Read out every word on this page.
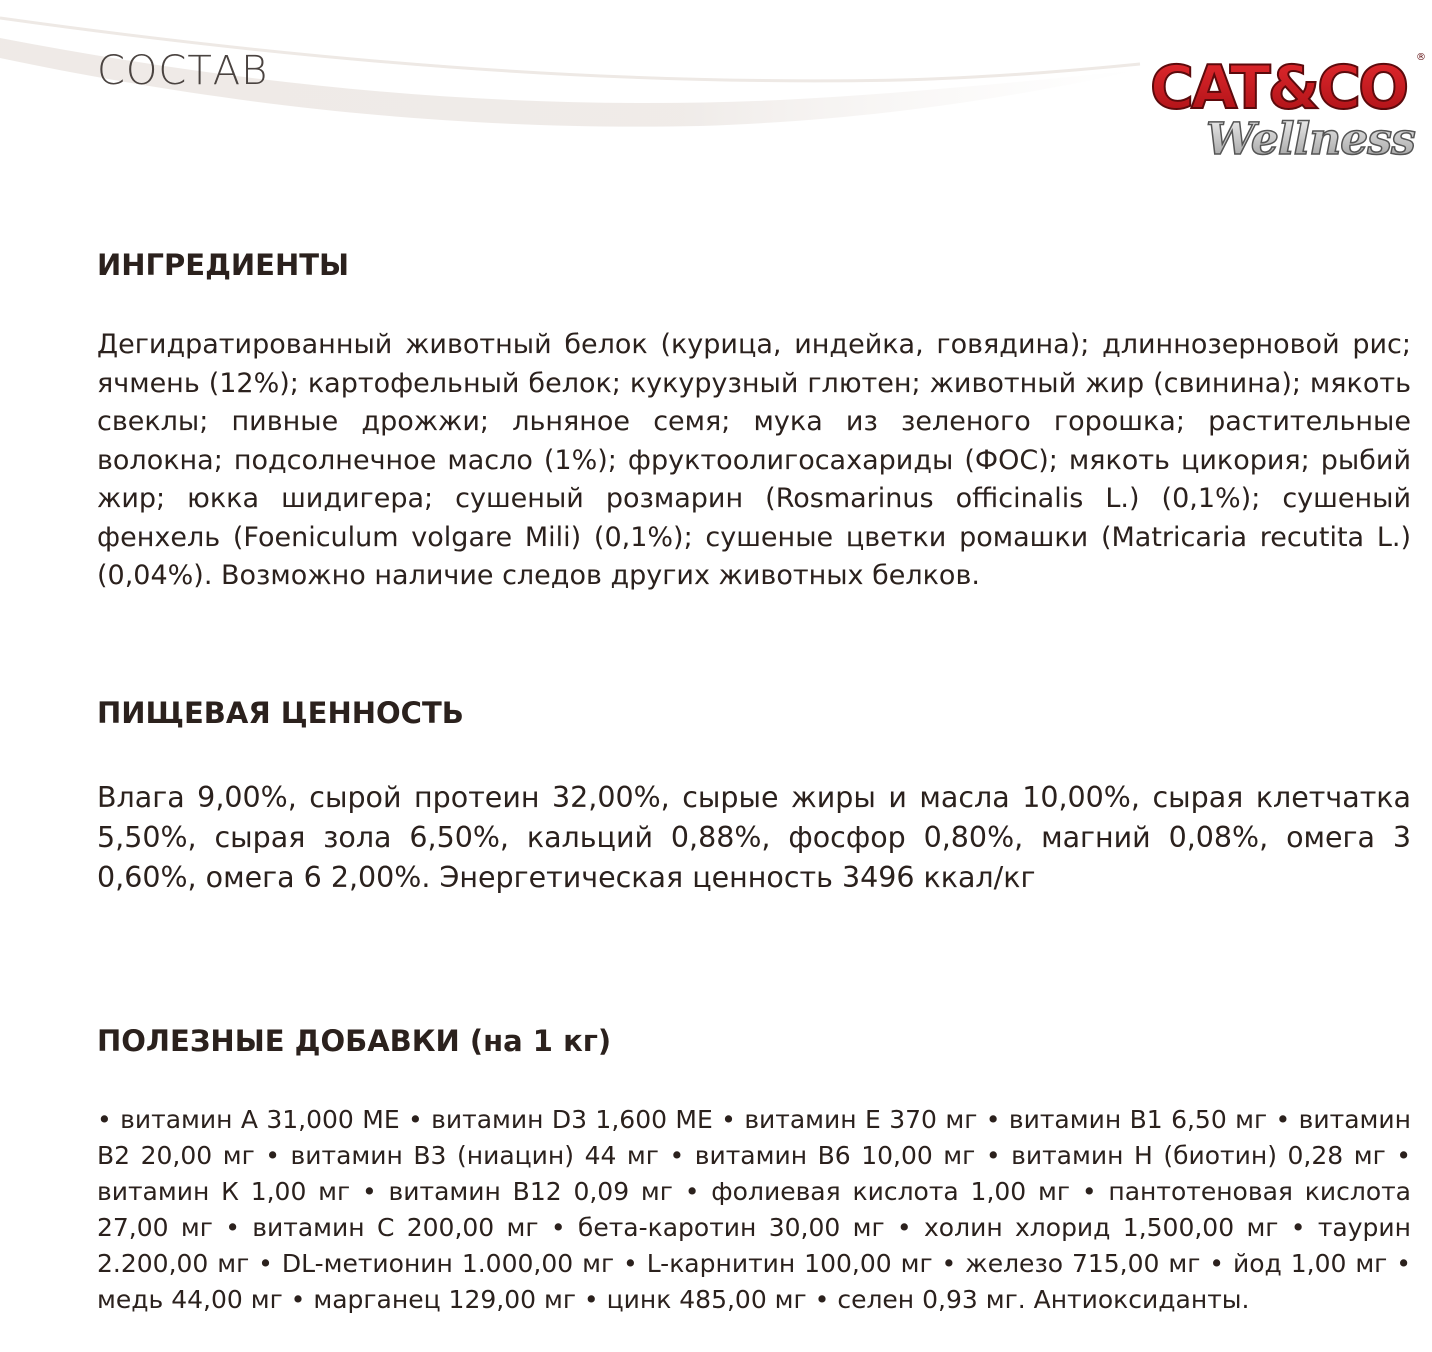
СОСТАВ	CAT&CO ®
Wellness
ИНГРЕДИЕНТЫ

Дегидратированный животный белок (курица, индейка, говядина); длиннозерновой рис; ячмень (12%); картофельный белок; кукурузный глютен; животный жир (свинина); мякоть свеклы; пивные дрожжи; льняное семя; мука из зеленого горошка; растительные волокна; подсолнечное масло (1%); фруктоолигосахариды (ФОС); мякоть цикория; рыбий жир; юкка шидигера; сушеный розмарин (Rosmarinus officinalis L.) (0,1%); сушеный фенхель (Foeniculum volgare Mili) (0,1%); сушеные цветки ромашки (Matricaria recutita L.) (0,04%). Возможно наличие следов других животных белков.

ПИЩЕВАЯ ЦЕННОСТЬ

Влага 9,00%, сырой протеин 32,00%, сырые жиры и масла 10,00%, сырая клетчатка 5,50%, сырая зола 6,50%, кальций 0,88%, фосфор 0,80%, магний 0,08%, омега 3 0,60%, омега 6 2,00%. Энергетическая ценность 3496 ккал/кг

ПОЛЕЗНЫЕ ДОБАВКИ (на 1 кг)

• витамин А 31,000 МЕ • витамин D3 1,600 МЕ • витамин Е 370 мг • витамин В1 6,50 мг • витамин В2 20,00 мг • витамин В3 (ниацин) 44 мг • витамин В6 10,00 мг • витамин Н (биотин) 0,28 мг • витамин К 1,00 мг • витамин В12 0,09 мг • фолиевая кислота 1,00 мг • пантотеновая кислота 27,00 мг • витамин С 200,00 мг • бета-каротин 30,00 мг • холин хлорид 1,500,00 мг • таурин 2.200,00 мг • DL-метионин 1.000,00 мг • L-карнитин 100,00 мг • железо 715,00 мг • йод 1,00 мг • медь 44,00 мг • марганец 129,00 мг • цинк 485,00 мг • селен 0,93 мг. Антиоксиданты.
